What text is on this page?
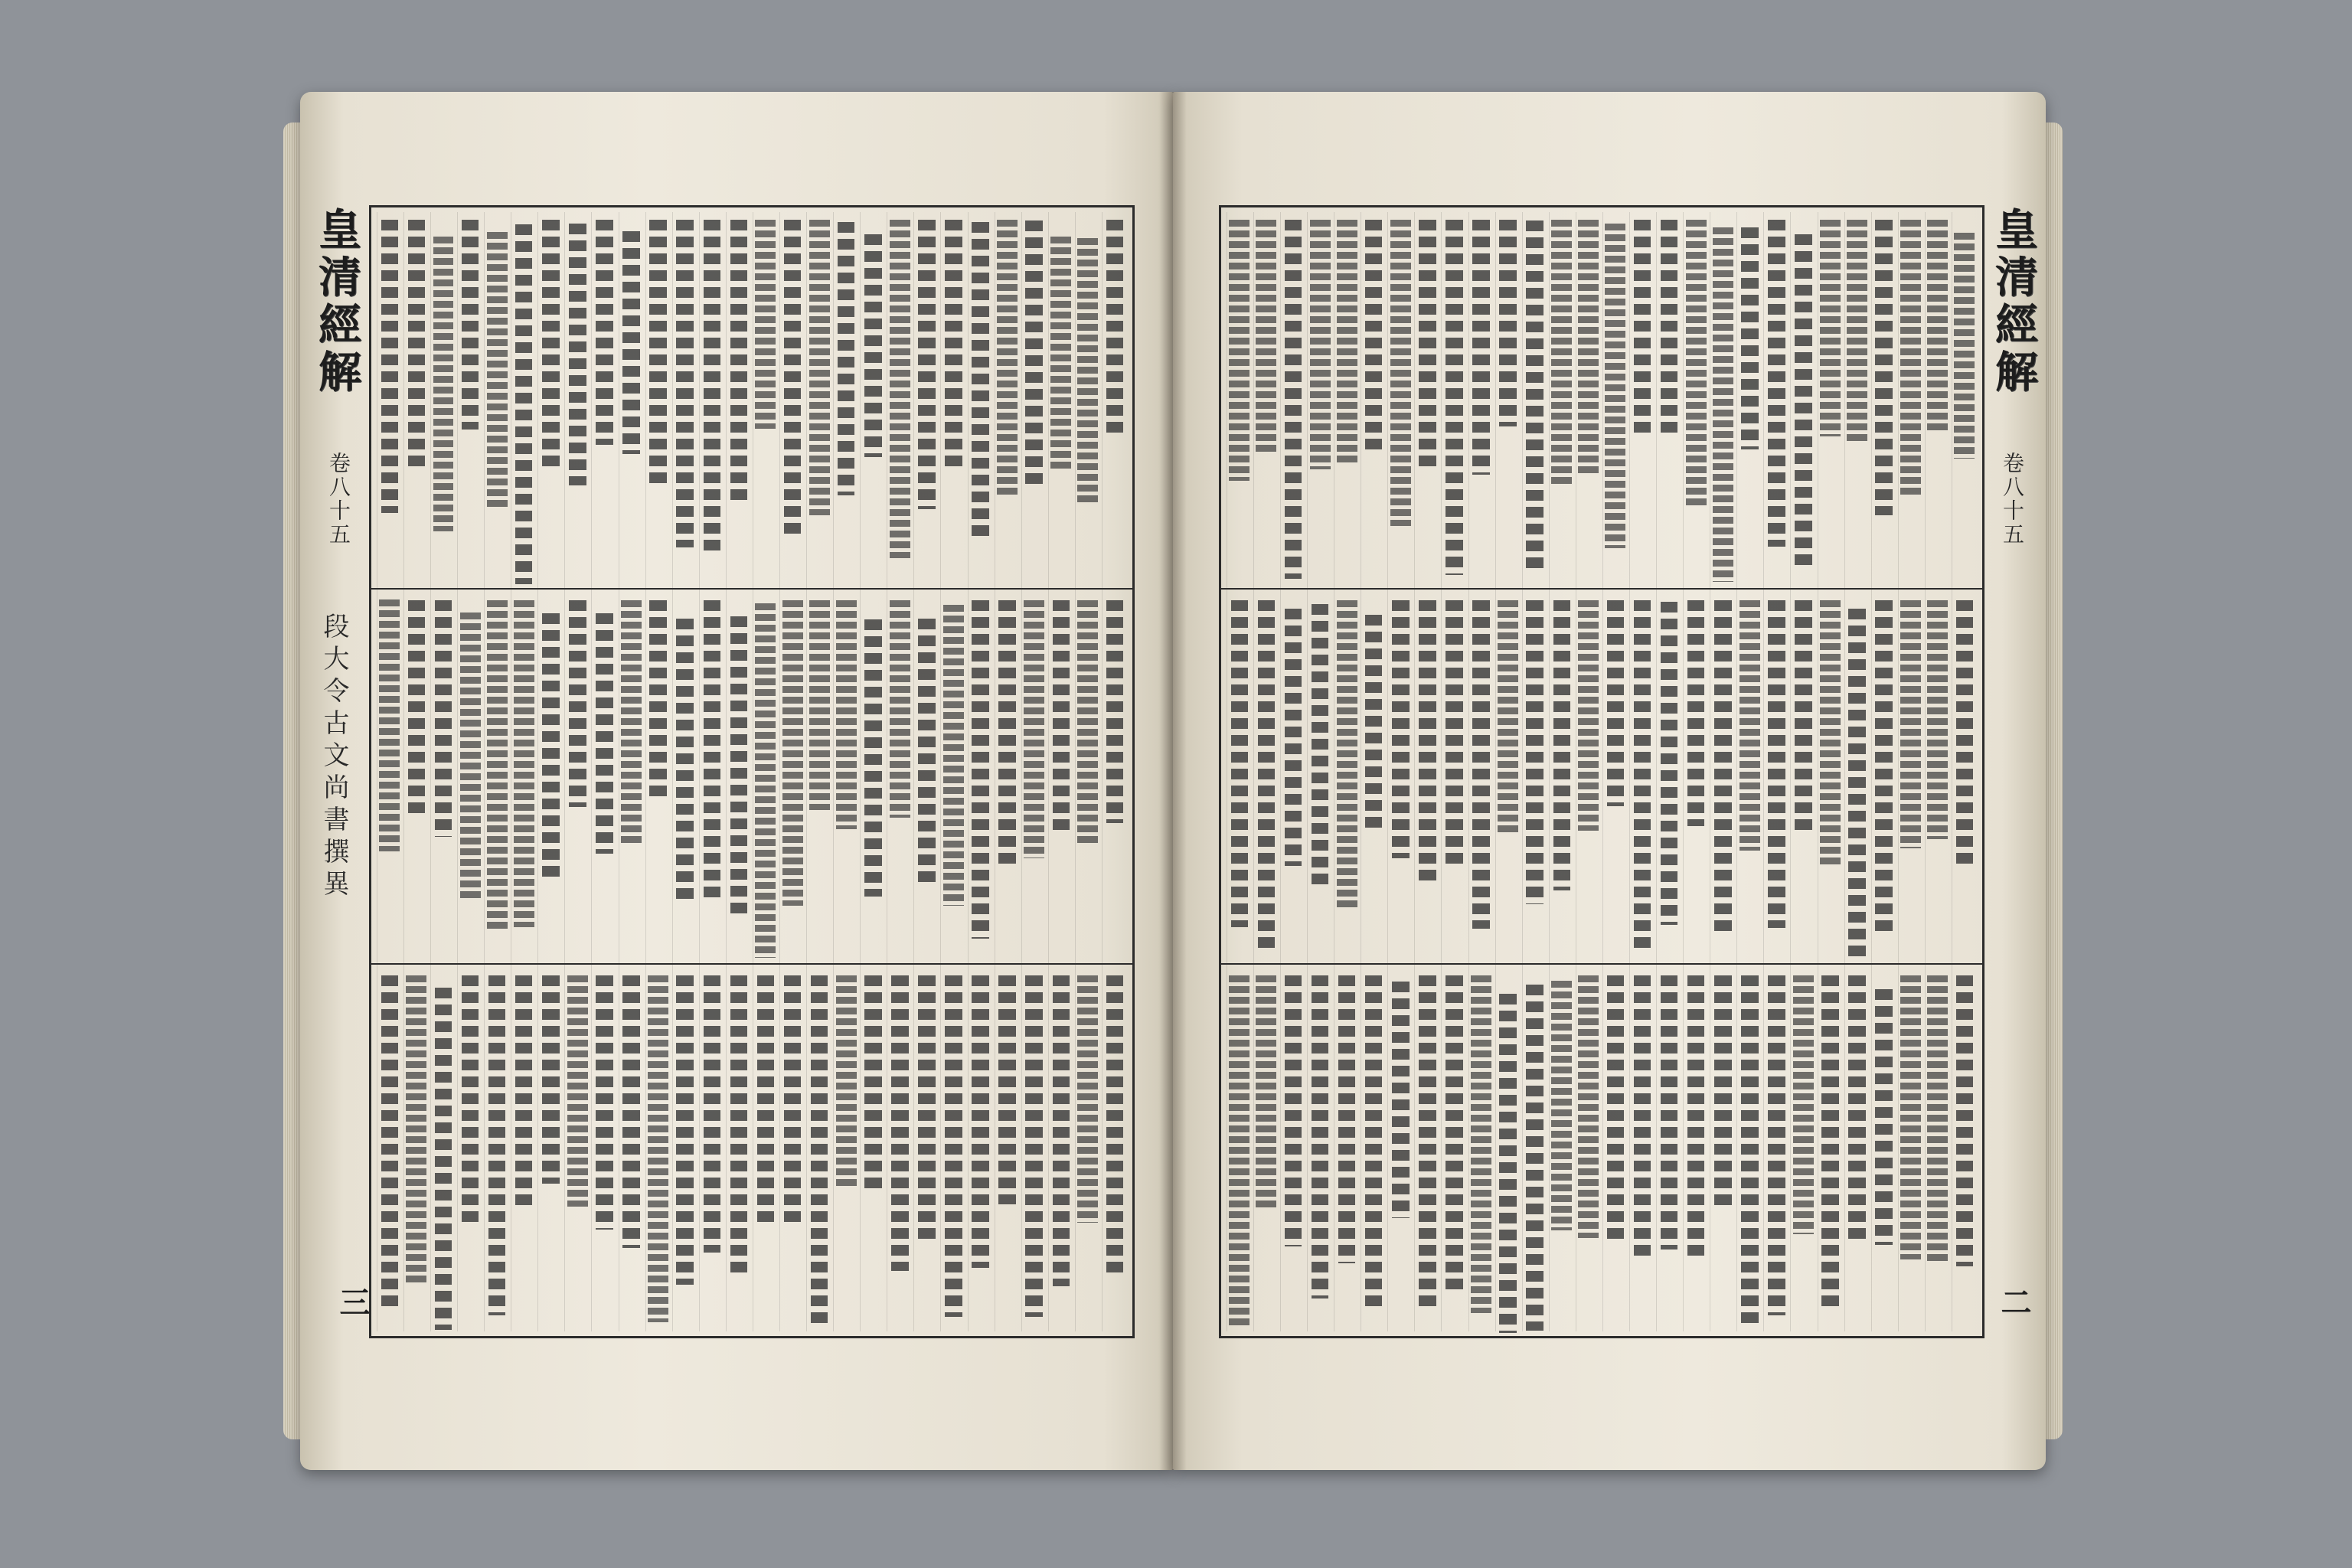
皇清經解
卷八十五
段大令古文尚書撰異
三
皇清經解
卷八十五
二
